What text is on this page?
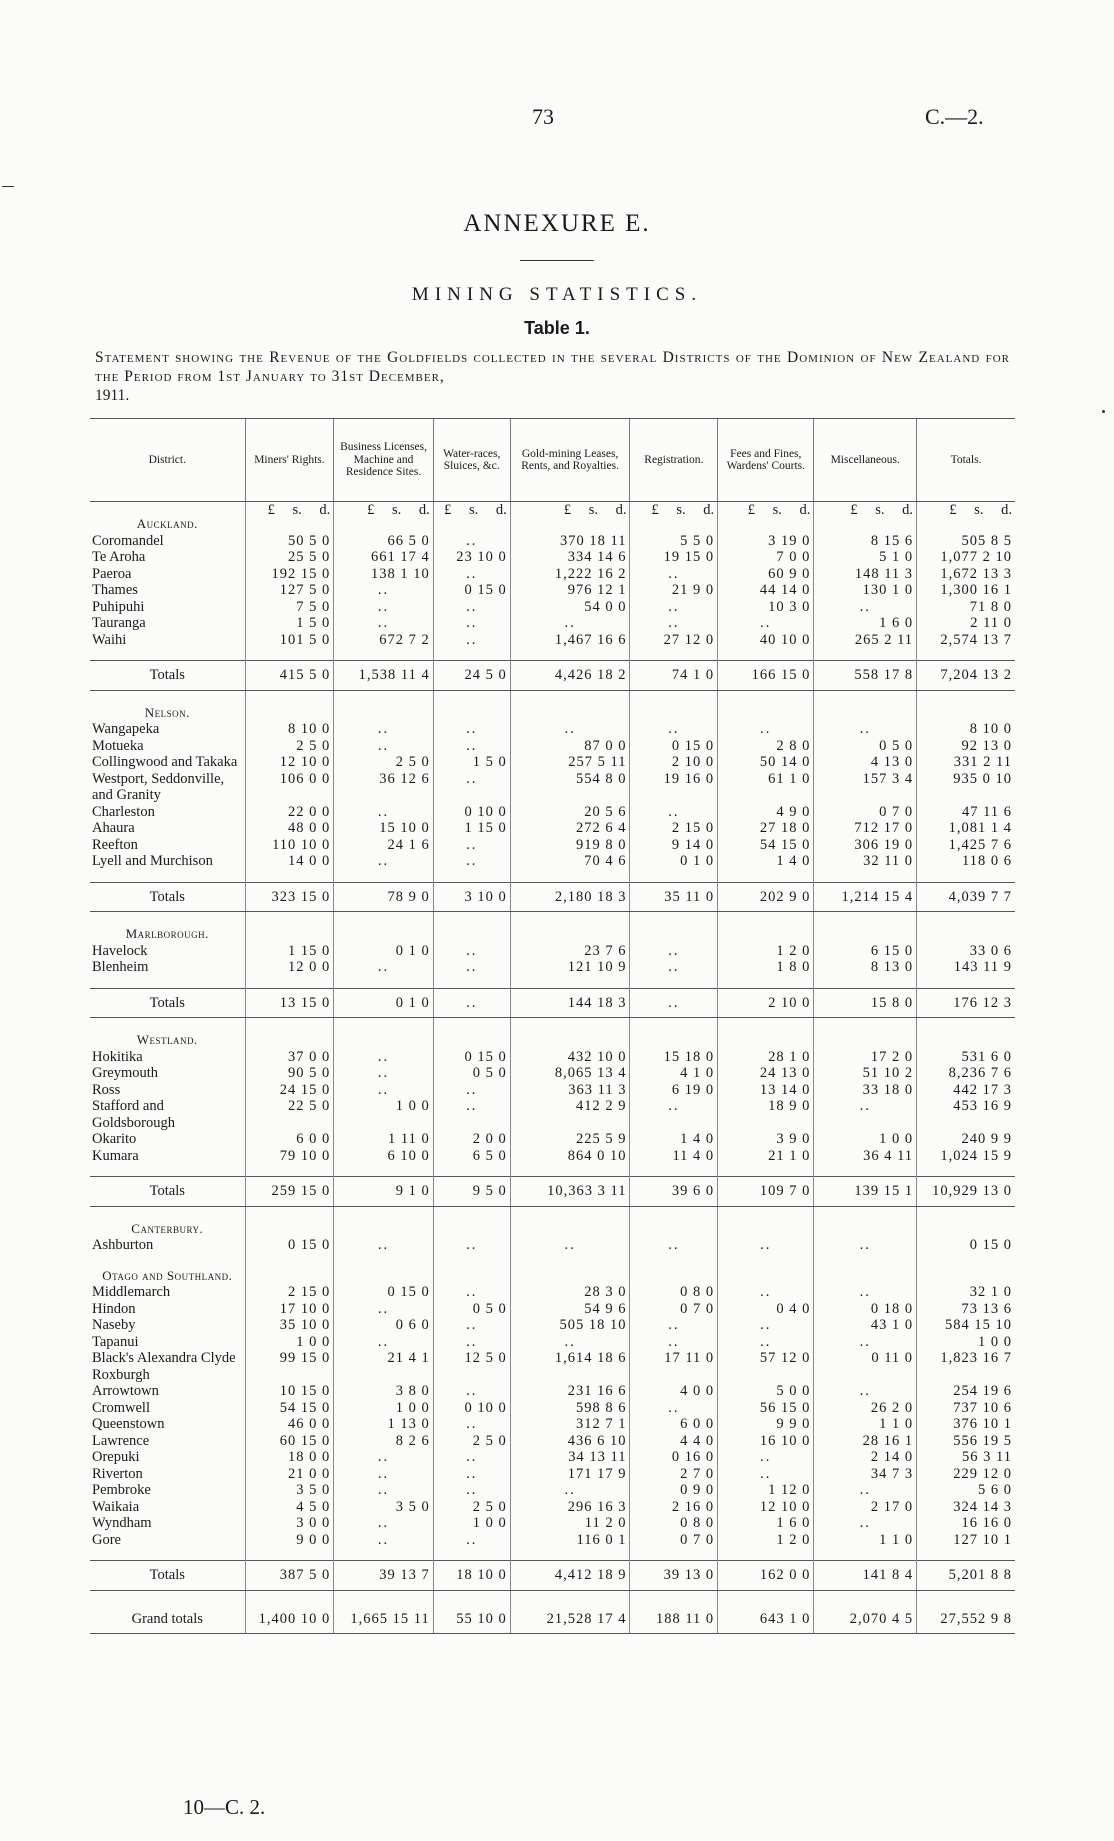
73	C.—2.
ANNEXURE E.
MINING STATISTICS.
Table 1.
Statement showing the Revenue of the Goldfields collected in the several Districts of the Dominion of New Zealand for the Period from 1st January to 31st December,
1911.
District.	Miners' Rights.	Business Licenses, Machine and Residence Sites.	Water-races, Sluices, &c.	Gold-mining Leases, Rents, and Royalties.	Registration.	Fees and Fines, Wardens' Courts.	Miscellaneous.	Totals.
Auckland.	£ s. d.	£ s. d.	£ s. d.	£ s. d.	£ s. d.	£ s. d.	£ s. d.	£ s. d.
Coromandel	50 5 0	66 5 0	..	370 18 11	5 5 0	3 19 0	8 15 6	505 8 5
Te Aroha	25 5 0	661 17 4	23 10 0	334 14 6	19 15 0	7 0 0	5 1 0	1,077 2 10
Paeroa	192 15 0	138 1 10	..	1,222 16 2	..	60 9 0	148 11 3	1,672 13 3
Thames	127 5 0	..	0 15 0	976 12 1	21 9 0	44 14 0	130 1 0	1,300 16 1
Puhipuhi	7 5 0	..	..	54 0 0	..	10 3 0	..	71 8 0
Tauranga	1 5 0	..	..	..	..	..	1 6 0	2 11 0
Waihi	101 5 0	672 7 2	..	1,467 16 6	27 12 0	40 10 0	265 2 11	2,574 13 7

Totals	415 5 0	1,538 11 4	24 5 0	4,426 18 2	74 1 0	166 15 0	558 17 8	7,204 13 2
Nelson.								
Wangapeka	8 10 0	..	..	..	..	..	..	8 10 0
Motueka	2 5 0	..	..	87 0 0	0 15 0	2 8 0	0 5 0	92 13 0
Collingwood and Takaka	12 10 0	2 5 0	1 5 0	257 5 11	2 10 0	50 14 0	4 13 0	331 2 11
Westport, Seddonville, and Granity	106 0 0	36 12 6	..	554 8 0	19 16 0	61 1 0	157 3 4	935 0 10
Charleston	22 0 0	..	0 10 0	20 5 6	..	4 9 0	0 7 0	47 11 6
Ahaura	48 0 0	15 10 0	1 15 0	272 6 4	2 15 0	27 18 0	712 17 0	1,081 1 4
Reefton	110 10 0	24 1 6	..	919 8 0	9 14 0	54 15 0	306 19 0	1,425 7 6
Lyell and Murchison	14 0 0	..	..	70 4 6	0 1 0	1 4 0	32 11 0	118 0 6

Totals	323 15 0	78 9 0	3 10 0	2,180 18 3	35 11 0	202 9 0	1,214 15 4	4,039 7 7
Marlborough.								
Havelock	1 15 0	0 1 0	..	23 7 6	..	1 2 0	6 15 0	33 0 6
Blenheim	12 0 0	..	..	121 10 9	..	1 8 0	8 13 0	143 11 9

Totals	13 15 0	0 1 0	..	144 18 3	..	2 10 0	15 8 0	176 12 3
Westland.								
Hokitika	37 0 0	..	0 15 0	432 10 0	15 18 0	28 1 0	17 2 0	531 6 0
Greymouth	90 5 0	..	0 5 0	8,065 13 4	4 1 0	24 13 0	51 10 2	8,236 7 6
Ross	24 15 0	..	..	363 11 3	6 19 0	13 14 0	33 18 0	442 17 3
Stafford and Goldsborough	22 5 0	1 0 0	..	412 2 9	..	18 9 0	..	453 16 9
Okarito	6 0 0	1 11 0	2 0 0	225 5 9	1 4 0	3 9 0	1 0 0	240 9 9
Kumara	79 10 0	6 10 0	6 5 0	864 0 10	11 4 0	21 1 0	36 4 11	1,024 15 9

Totals	259 15 0	9 1 0	9 5 0	10,363 3 11	39 6 0	109 7 0	139 15 1	10,929 13 0
Canterbury.								
Ashburton	0 15 0	..	..	..	..	..	..	0 15 0
Otago and Southland.								
Middlemarch	2 15 0	0 15 0	..	28 3 0	0 8 0	..	..	32 1 0
Hindon	17 10 0	..	0 5 0	54 9 6	0 7 0	0 4 0	0 18 0	73 13 6
Naseby	35 10 0	0 6 0	..	505 18 10	..	..	43 1 0	584 15 10
Tapanui	1 0 0	..	..	..	..	..	..	1 0 0
Black's Alexandra Clyde Roxburgh	99 15 0	21 4 1	12 5 0	1,614 18 6	17 11 0	57 12 0	0 11 0	1,823 16 7
Arrowtown	10 15 0	3 8 0	..	231 16 6	4 0 0	5 0 0	..	254 19 6
Cromwell	54 15 0	1 0 0	0 10 0	598 8 6	..	56 15 0	26 2 0	737 10 6
Queenstown	46 0 0	1 13 0	..	312 7 1	6 0 0	9 9 0	1 1 0	376 10 1
Lawrence	60 15 0	8 2 6	2 5 0	436 6 10	4 4 0	16 10 0	28 16 1	556 19 5
Orepuki	18 0 0	..	..	34 13 11	0 16 0	..	2 14 0	56 3 11
Riverton	21 0 0	..	..	171 17 9	2 7 0	..	34 7 3	229 12 0
Pembroke	3 5 0	..	..	..	0 9 0	1 12 0	..	5 6 0
Waikaia	4 5 0	3 5 0	2 5 0	296 16 3	2 16 0	12 10 0	2 17 0	324 14 3
Wyndham	3 0 0	..	1 0 0	11 2 0	0 8 0	1 6 0	..	16 16 0
Gore	9 0 0	..	..	116 0 1	0 7 0	1 2 0	1 1 0	127 10 1

Totals	387 5 0	39 13 7	18 10 0	4,412 18 9	39 13 0	162 0 0	141 8 4	5,201 8 8

Grand totals	1,400 10 0	1,665 15 11	55 10 0	21,528 17 4	188 11 0	643 1 0	2,070 4 5	27,552 9 8
10—C. 2.
